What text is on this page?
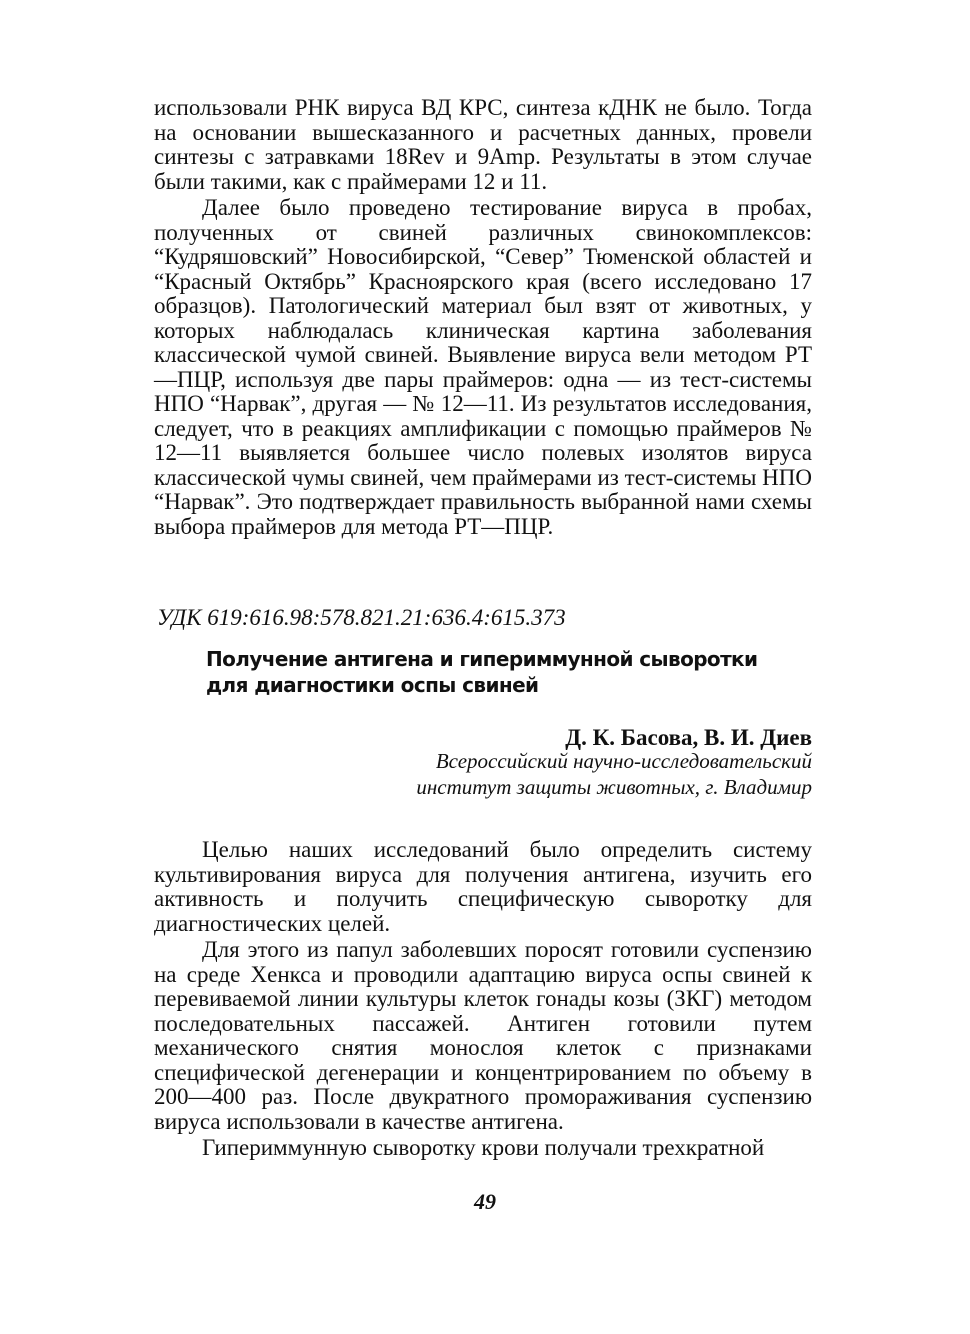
использовали РНК вируса ВД КРС, синтеза кДНК не было. Тогда на основании вышесказанного и расчетных данных, провели синтезы с затравками 18Rev и 9Amp. Результаты в этом случае были такими, как с праймерами 12 и 11.

Далее было проведено тестирование вируса в пробах, полученных от свиней различных свинокомплексов: “Кудряшовский” Новосибирской, “Север” Тюменской областей и “Красный Октябрь” Красноярского края (всего исследовано 17 образцов). Патологический материал был взят от животных, у которых наблюдалась клиническая картина заболевания классической чумой свиней. Выявление вируса вели методом РТ—ПЦР, используя две пары праймеров: одна — из тест-системы НПО “Нарвак”, другая — № 12—11. Из результатов исследования, следует, что в реакциях амплификации с помощью праймеров № 12—11 выявляется большее число полевых изолятов вируса классической чумы свиней, чем праймерами из тест-системы НПО “Нарвак”. Это подтверждает правильность выбранной нами схемы выбора праймеров для метода РТ—ПЦР.

УДК 619:616.98:578.821.21:636.4:615.373
Получение антигена и гипериммунной сыворотки для диагностики оспы свиней
Д. К. Басова, В. И. Диев
Всероссийский научно-исследовательский
институт защиты животных, г. Владимир

Целью наших исследований было определить систему культивирования вируса для получения антигена, изучить его активность и получить специфическую сыворотку для диагностических целей.

Для этого из папул заболевших поросят готовили суспензию на среде Хенкса и проводили адаптацию вируса оспы свиней к перевиваемой линии культуры клеток гонады козы (ЗКГ) методом последовательных пассажей. Антиген готовили путем механического снятия монослоя клеток с признаками специфической дегенерации и концентрированием по объему в 200—400 раз. После двукратного промораживания суспензию вируса использовали в качестве антигена.

Гипериммунную сыворотку крови получали трехкратной

49
